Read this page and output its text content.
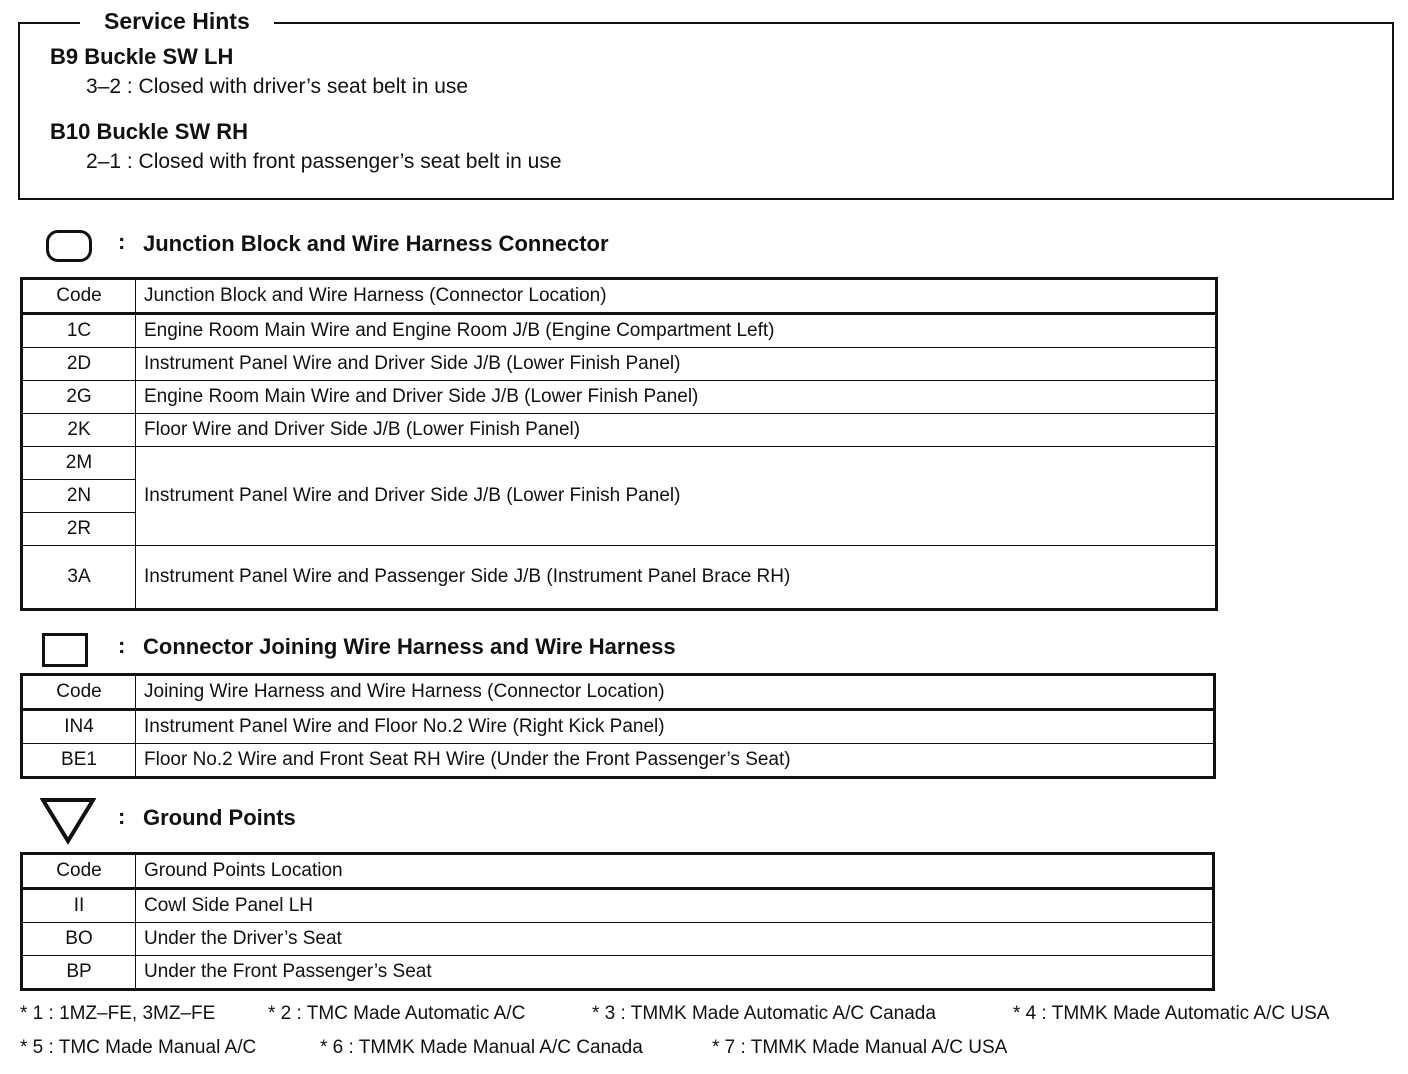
Service Hints
B9 Buckle SW LH
3–2 : Closed with driver’s seat belt in use
B10 Buckle SW RH
2–1 : Closed with front passenger’s seat belt in use
: Junction Block and Wire Harness Connector
Code	Junction Block and Wire Harness (Connector Location)
1C	Engine Room Main Wire and Engine Room J/B (Engine Compartment Left)
2D	Instrument Panel Wire and Driver Side J/B (Lower Finish Panel)
2G	Engine Room Main Wire and Driver Side J/B (Lower Finish Panel)
2K	Floor Wire and Driver Side J/B (Lower Finish Panel)
2M	Instrument Panel Wire and Driver Side J/B (Lower Finish Panel)
2N	
2R	
3A	Instrument Panel Wire and Passenger Side J/B (Instrument Panel Brace RH)
: Connector Joining Wire Harness and Wire Harness
Code	Joining Wire Harness and Wire Harness (Connector Location)
IN4	Instrument Panel Wire and Floor No.2 Wire (Right Kick Panel)
BE1	Floor No.2 Wire and Front Seat RH Wire (Under the Front Passenger’s Seat)
: Ground Points
Code	Ground Points Location
II	Cowl Side Panel LH
BO	Under the Driver’s Seat
BP	Under the Front Passenger’s Seat
* 1 : 1MZ–FE, 3MZ–FE	* 2 : TMC Made Automatic A/C	* 3 : TMMK Made Automatic A/C Canada	* 4 : TMMK Made Automatic A/C USA
* 5 : TMC Made Manual A/C	* 6 : TMMK Made Manual A/C Canada	* 7 : TMMK Made Manual A/C USA
